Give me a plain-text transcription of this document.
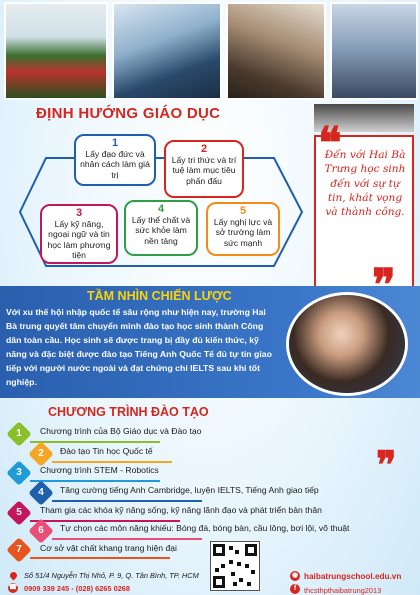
ĐỊNH HƯỚNG GIÁO DỤC
1
Lấy đạo đức và nhân cách làm giá trị
2
Lấy tri thức và trí tuệ làm mục tiêu phấn đấu
3
Lấy kỹ năng, ngoại ngữ và tin học làm phương tiện
4
Lấy thể chất và sức khỏe làm nền tảng
5
Lấy nghị lực và sở trường làm sức mạnh
❝
Đến với Hai Bà Trưng học sinh đến với sự tự tin, khát vọng và thành công.
TẦM NHÌN CHIẾN LƯỢC
Với xu thế hội nhập quốc tế sâu rộng như hiện nay, trường Hai Bà trung quyết tâm chuyển mình đào tạo học sinh thành Công dân toàn cầu. Học sinh sẽ được trang bị đầy đủ kiến thức, kỹ năng và đặc biệt được đào tạo Tiếng Anh Quốc Tế đủ tự tin giao tiếp với người nước ngoài và đạt chứng chỉ IELTS sau khi tốt nghiệp.
CHƯƠNG TRÌNH ĐÀO TẠO
1	Chương trình của Bộ Giáo dục và Đào tạo
2	Đào tạo Tin học Quốc tế
3	Chương trình STEM - Robotics
4	Tăng cường tiếng Anh Cambridge, luyện IELTS, Tiếng Anh giao tiếp
5	Tham gia các khóa kỹ năng sống, kỹ năng lãnh đạo và phát triển bản thân
6	Tự chọn các môn năng khiếu: Bóng đá, bóng bàn, cầu lông, bơi lội, võ thuật
7	Cơ sở vật chất khang trang hiện đại
❞
Số 51/4 Nguyễn Thị Nhỏ, P. 9, Q. Tân Bình, TP. HCM
☎ 0909 339 245 - (028) 6265 0268
◉ haibatrungschool.edu.vn
f	thcsthpthaibatrung2013
